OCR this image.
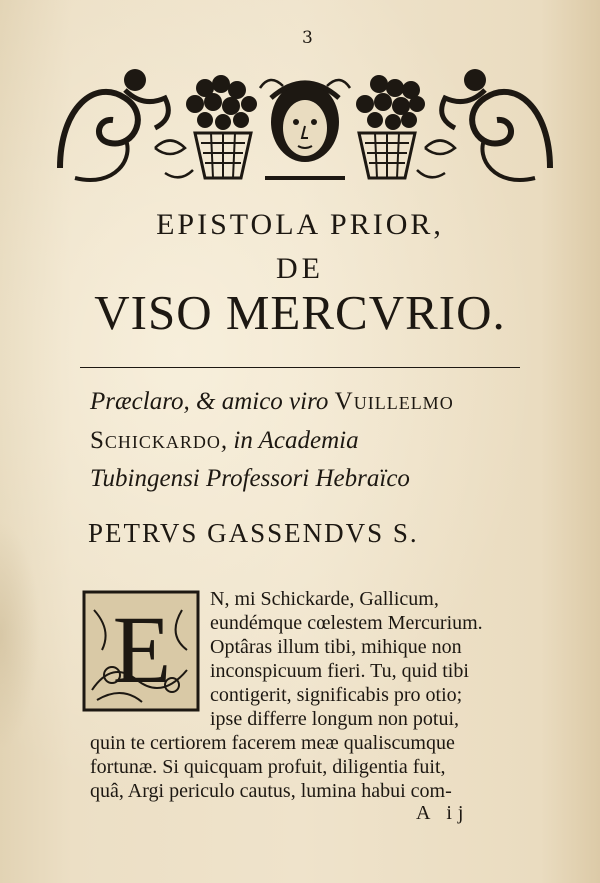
3
EPISTOLA PRIOR,
DE
VISO MERCVRIO.
Præclaro, & amico viro Vuillelmo
Schickardo, in Academia
Tubingensi Professori Hebraïco
PETRVS GASSENDVS S.
E N, mi Schickarde, Gallicum,
eundémque cœlestem Mercurium.
Optâras illum tibi, mihique non
inconspicuum fieri. Tu, quid tibi
contigerit, significabis pro otio;
ipse differre longum non potui,
quin te certiorem facerem meæ qualiscumque
fortunæ. Si quicquam profuit, diligentia fuit,
quâ, Argi periculo cautus, lumina habui com-
A ij
